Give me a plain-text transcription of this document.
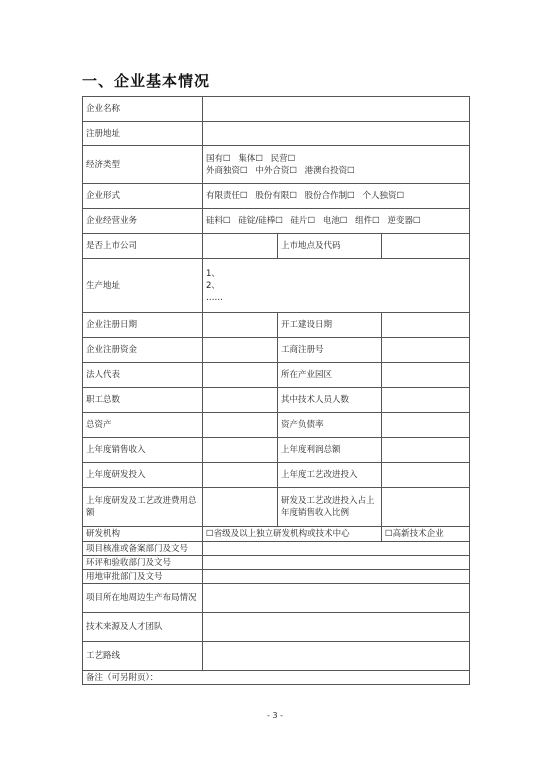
一、企业基本情况
企业名称			
注册地址			
经济类型	国有☐ 集体☐ 民营☐
外商独资☐ 中外合资☐ 港澳台投资☐		

企业形式	有限责任☐ 股份有限☐ 股份合作制☐ 个人独资☐		

企业经营业务	硅料☐ 硅锭/硅棒☐ 硅片☐ 电池☐ 组件☐ 逆变器☐		

是否上市公司		上市地点及代码	
生产地址	1、
2、
……		

企业注册日期		开工建设日期	
企业注册资金		工商注册号	
法人代表		所在产业园区	
职工总数		其中技术人员人数	
总资产		资产负债率	
上年度销售收入		上年度利润总额	
上年度研发投入		上年度工艺改进投入	
上年度研发及工艺改进费用总额		研发及工艺改进投入占上年度销售收入比例	
研发机构	☐省级及以上独立研发机构或技术中心		☐高新技术企业
项目核准或备案部门及文号			
环评和验收部门及文号			
用地审批部门及文号			
项目所在地周边生产布局情况			
技术来源及人才团队			
工艺路线			
备注（可另附页）：			
- 3 -
